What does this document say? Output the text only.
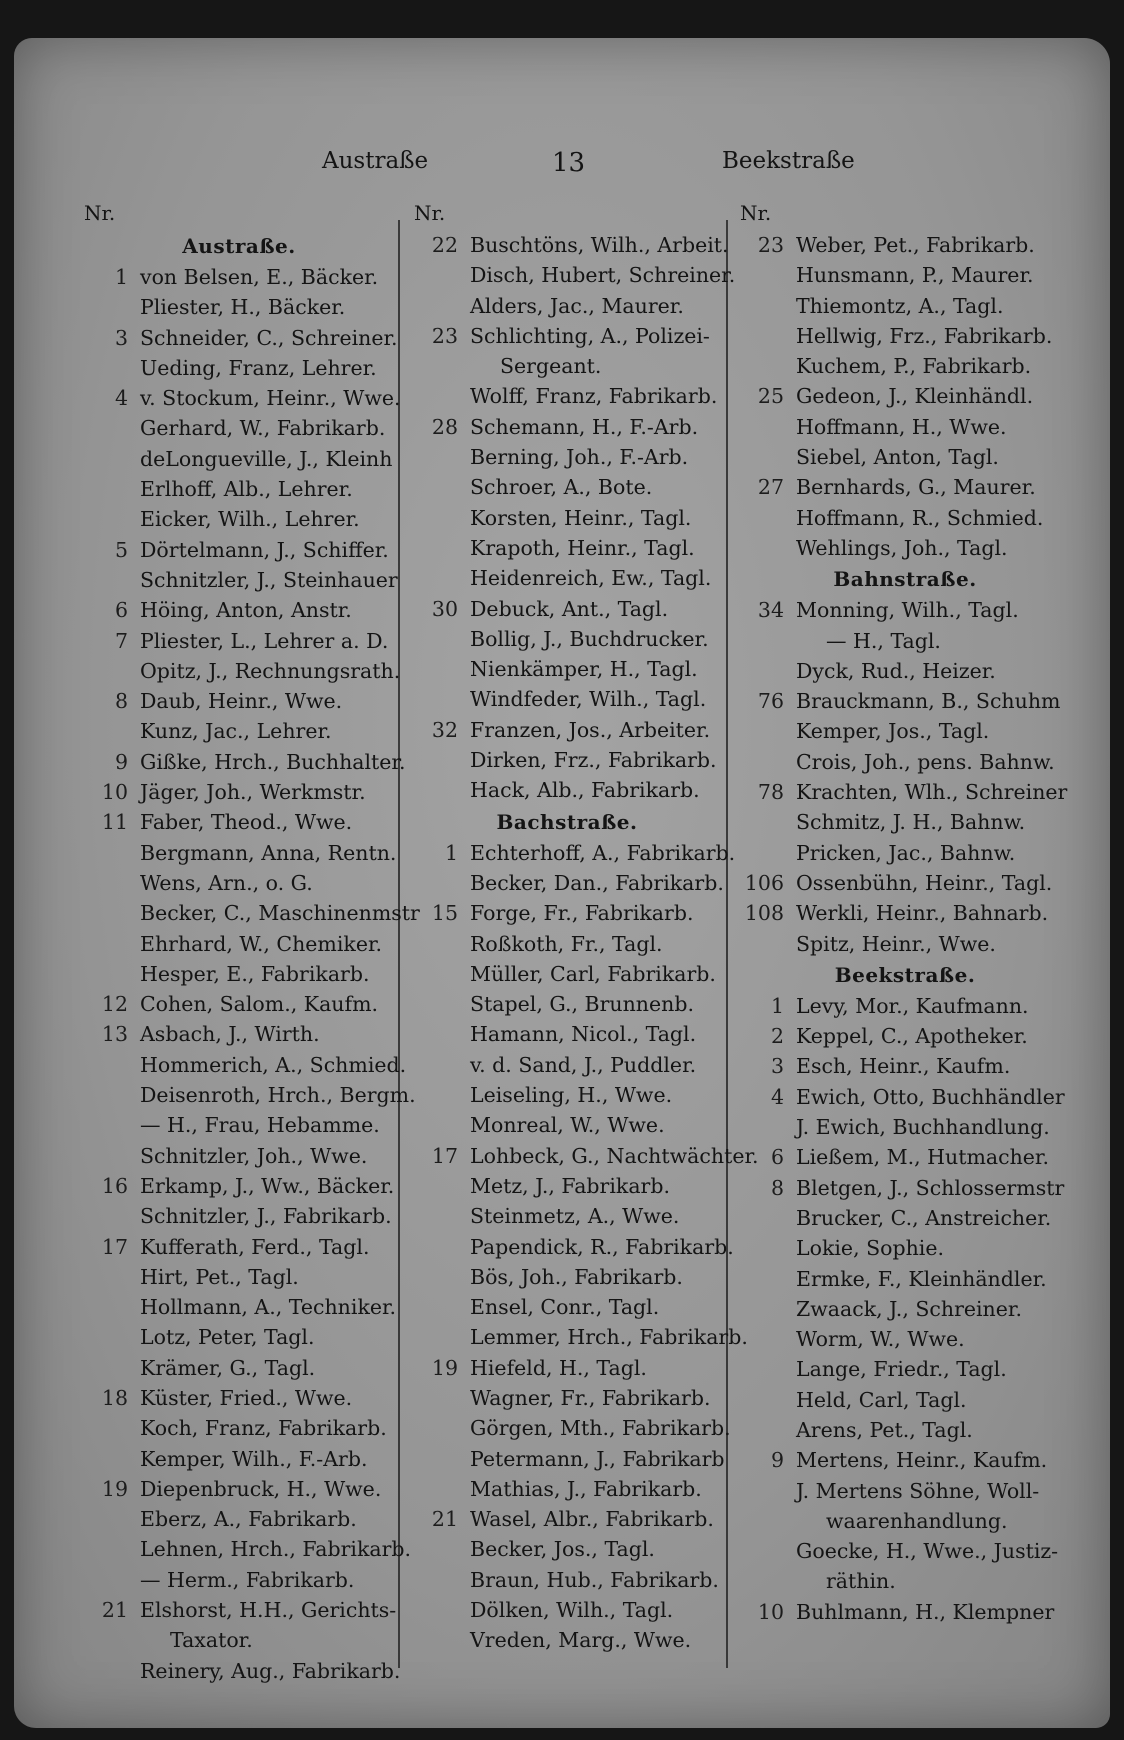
Austraße	13	Beekstraße
Nr.
Austraße.
1 von Belsen, E., Bäcker.
Pliester, H., Bäcker.
3 Schneider, C., Schreiner.
Ueding, Franz, Lehrer.
4 v. Stockum, Heinr., Wwe.
Gerhard, W., Fabrikarb.
deLongueville, J., Kleinh
Erlhoff, Alb., Lehrer.
Eicker, Wilh., Lehrer.
5 Dörtelmann, J., Schiffer.
Schnitzler, J., Steinhauer
6 Höing, Anton, Anstr.
7 Pliester, L., Lehrer a. D.
Opitz, J., Rechnungsrath.
8 Daub, Heinr., Wwe.
Kunz, Jac., Lehrer.
9 Gißke, Hrch., Buchhalter.
10 Jäger, Joh., Werkmstr.
11 Faber, Theod., Wwe.
Bergmann, Anna, Rentn.
Wens, Arn., o. G.
Becker, C., Maschinenmstr
Ehrhard, W., Chemiker.
Hesper, E., Fabrikarb.
12 Cohen, Salom., Kaufm.
13 Asbach, J., Wirth.
Hommerich, A., Schmied.
Deisenroth, Hrch., Bergm.
— H., Frau, Hebamme.
Schnitzler, Joh., Wwe.
16 Erkamp, J., Ww., Bäcker.
Schnitzler, J., Fabrikarb.
17 Kufferath, Ferd., Tagl.
Hirt, Pet., Tagl.
Hollmann, A., Techniker.
Lotz, Peter, Tagl.
Krämer, G., Tagl.
18 Küster, Fried., Wwe.
Koch, Franz, Fabrikarb.
Kemper, Wilh., F.-Arb.
19 Diepenbruck, H., Wwe.
Eberz, A., Fabrikarb.
Lehnen, Hrch., Fabrikarb.
— Herm., Fabrikarb.
21 Elshorst, H.H., Gerichts-
Taxator.
Reinery, Aug., Fabrikarb.
Nr.
22 Buschtöns, Wilh., Arbeit.
Disch, Hubert, Schreiner.
Alders, Jac., Maurer.
23 Schlichting, A., Polizei-
Sergeant.
Wolff, Franz, Fabrikarb.
28 Schemann, H., F.-Arb.
Berning, Joh., F.-Arb.
Schroer, A., Bote.
Korsten, Heinr., Tagl.
Krapoth, Heinr., Tagl.
Heidenreich, Ew., Tagl.
30 Debuck, Ant., Tagl.
Bollig, J., Buchdrucker.
Nienkämper, H., Tagl.
Windfeder, Wilh., Tagl.
32 Franzen, Jos., Arbeiter.
Dirken, Frz., Fabrikarb.
Hack, Alb., Fabrikarb.
Bachstraße.
1 Echterhoff, A., Fabrikarb.
Becker, Dan., Fabrikarb.
15 Forge, Fr., Fabrikarb.
Roßkoth, Fr., Tagl.
Müller, Carl, Fabrikarb.
Stapel, G., Brunnenb.
Hamann, Nicol., Tagl.
v. d. Sand, J., Puddler.
Leiseling, H., Wwe.
Monreal, W., Wwe.
17 Lohbeck, G., Nachtwächter.
Metz, J., Fabrikarb.
Steinmetz, A., Wwe.
Papendick, R., Fabrikarb.
Bös, Joh., Fabrikarb.
Ensel, Conr., Tagl.
Lemmer, Hrch., Fabrikarb.
19 Hiefeld, H., Tagl.
Wagner, Fr., Fabrikarb.
Görgen, Mth., Fabrikarb.
Petermann, J., Fabrikarb
Mathias, J., Fabrikarb.
21 Wasel, Albr., Fabrikarb.
Becker, Jos., Tagl.
Braun, Hub., Fabrikarb.
Dölken, Wilh., Tagl.
Vreden, Marg., Wwe.
Nr.
23 Weber, Pet., Fabrikarb.
Hunsmann, P., Maurer.
Thiemontz, A., Tagl.
Hellwig, Frz., Fabrikarb.
Kuchem, P., Fabrikarb.
25 Gedeon, J., Kleinhändl.
Hoffmann, H., Wwe.
Siebel, Anton, Tagl.
27 Bernhards, G., Maurer.
Hoffmann, R., Schmied.
Wehlings, Joh., Tagl.
Bahnstraße.
34 Monning, Wilh., Tagl.
— H., Tagl.
Dyck, Rud., Heizer.
76 Brauckmann, B., Schuhm
Kemper, Jos., Tagl.
Crois, Joh., pens. Bahnw.
78 Krachten, Wlh., Schreiner
Schmitz, J. H., Bahnw.
Pricken, Jac., Bahnw.
106 Ossenbühn, Heinr., Tagl.
108 Werkli, Heinr., Bahnarb.
Spitz, Heinr., Wwe.
Beekstraße.
1 Levy, Mor., Kaufmann.
2 Keppel, C., Apotheker.
3 Esch, Heinr., Kaufm.
4 Ewich, Otto, Buchhändler
J. Ewich, Buchhandlung.
6 Ließem, M., Hutmacher.
8 Bletgen, J., Schlossermstr
Brucker, C., Anstreicher.
Lokie, Sophie.
Ermke, F., Kleinhändler.
Zwaack, J., Schreiner.
Worm, W., Wwe.
Lange, Friedr., Tagl.
Held, Carl, Tagl.
Arens, Pet., Tagl.
9 Mertens, Heinr., Kaufm.
J. Mertens Söhne, Woll-
waarenhandlung.
Goecke, H., Wwe., Justiz-
räthin.
10 Buhlmann, H., Klempner
